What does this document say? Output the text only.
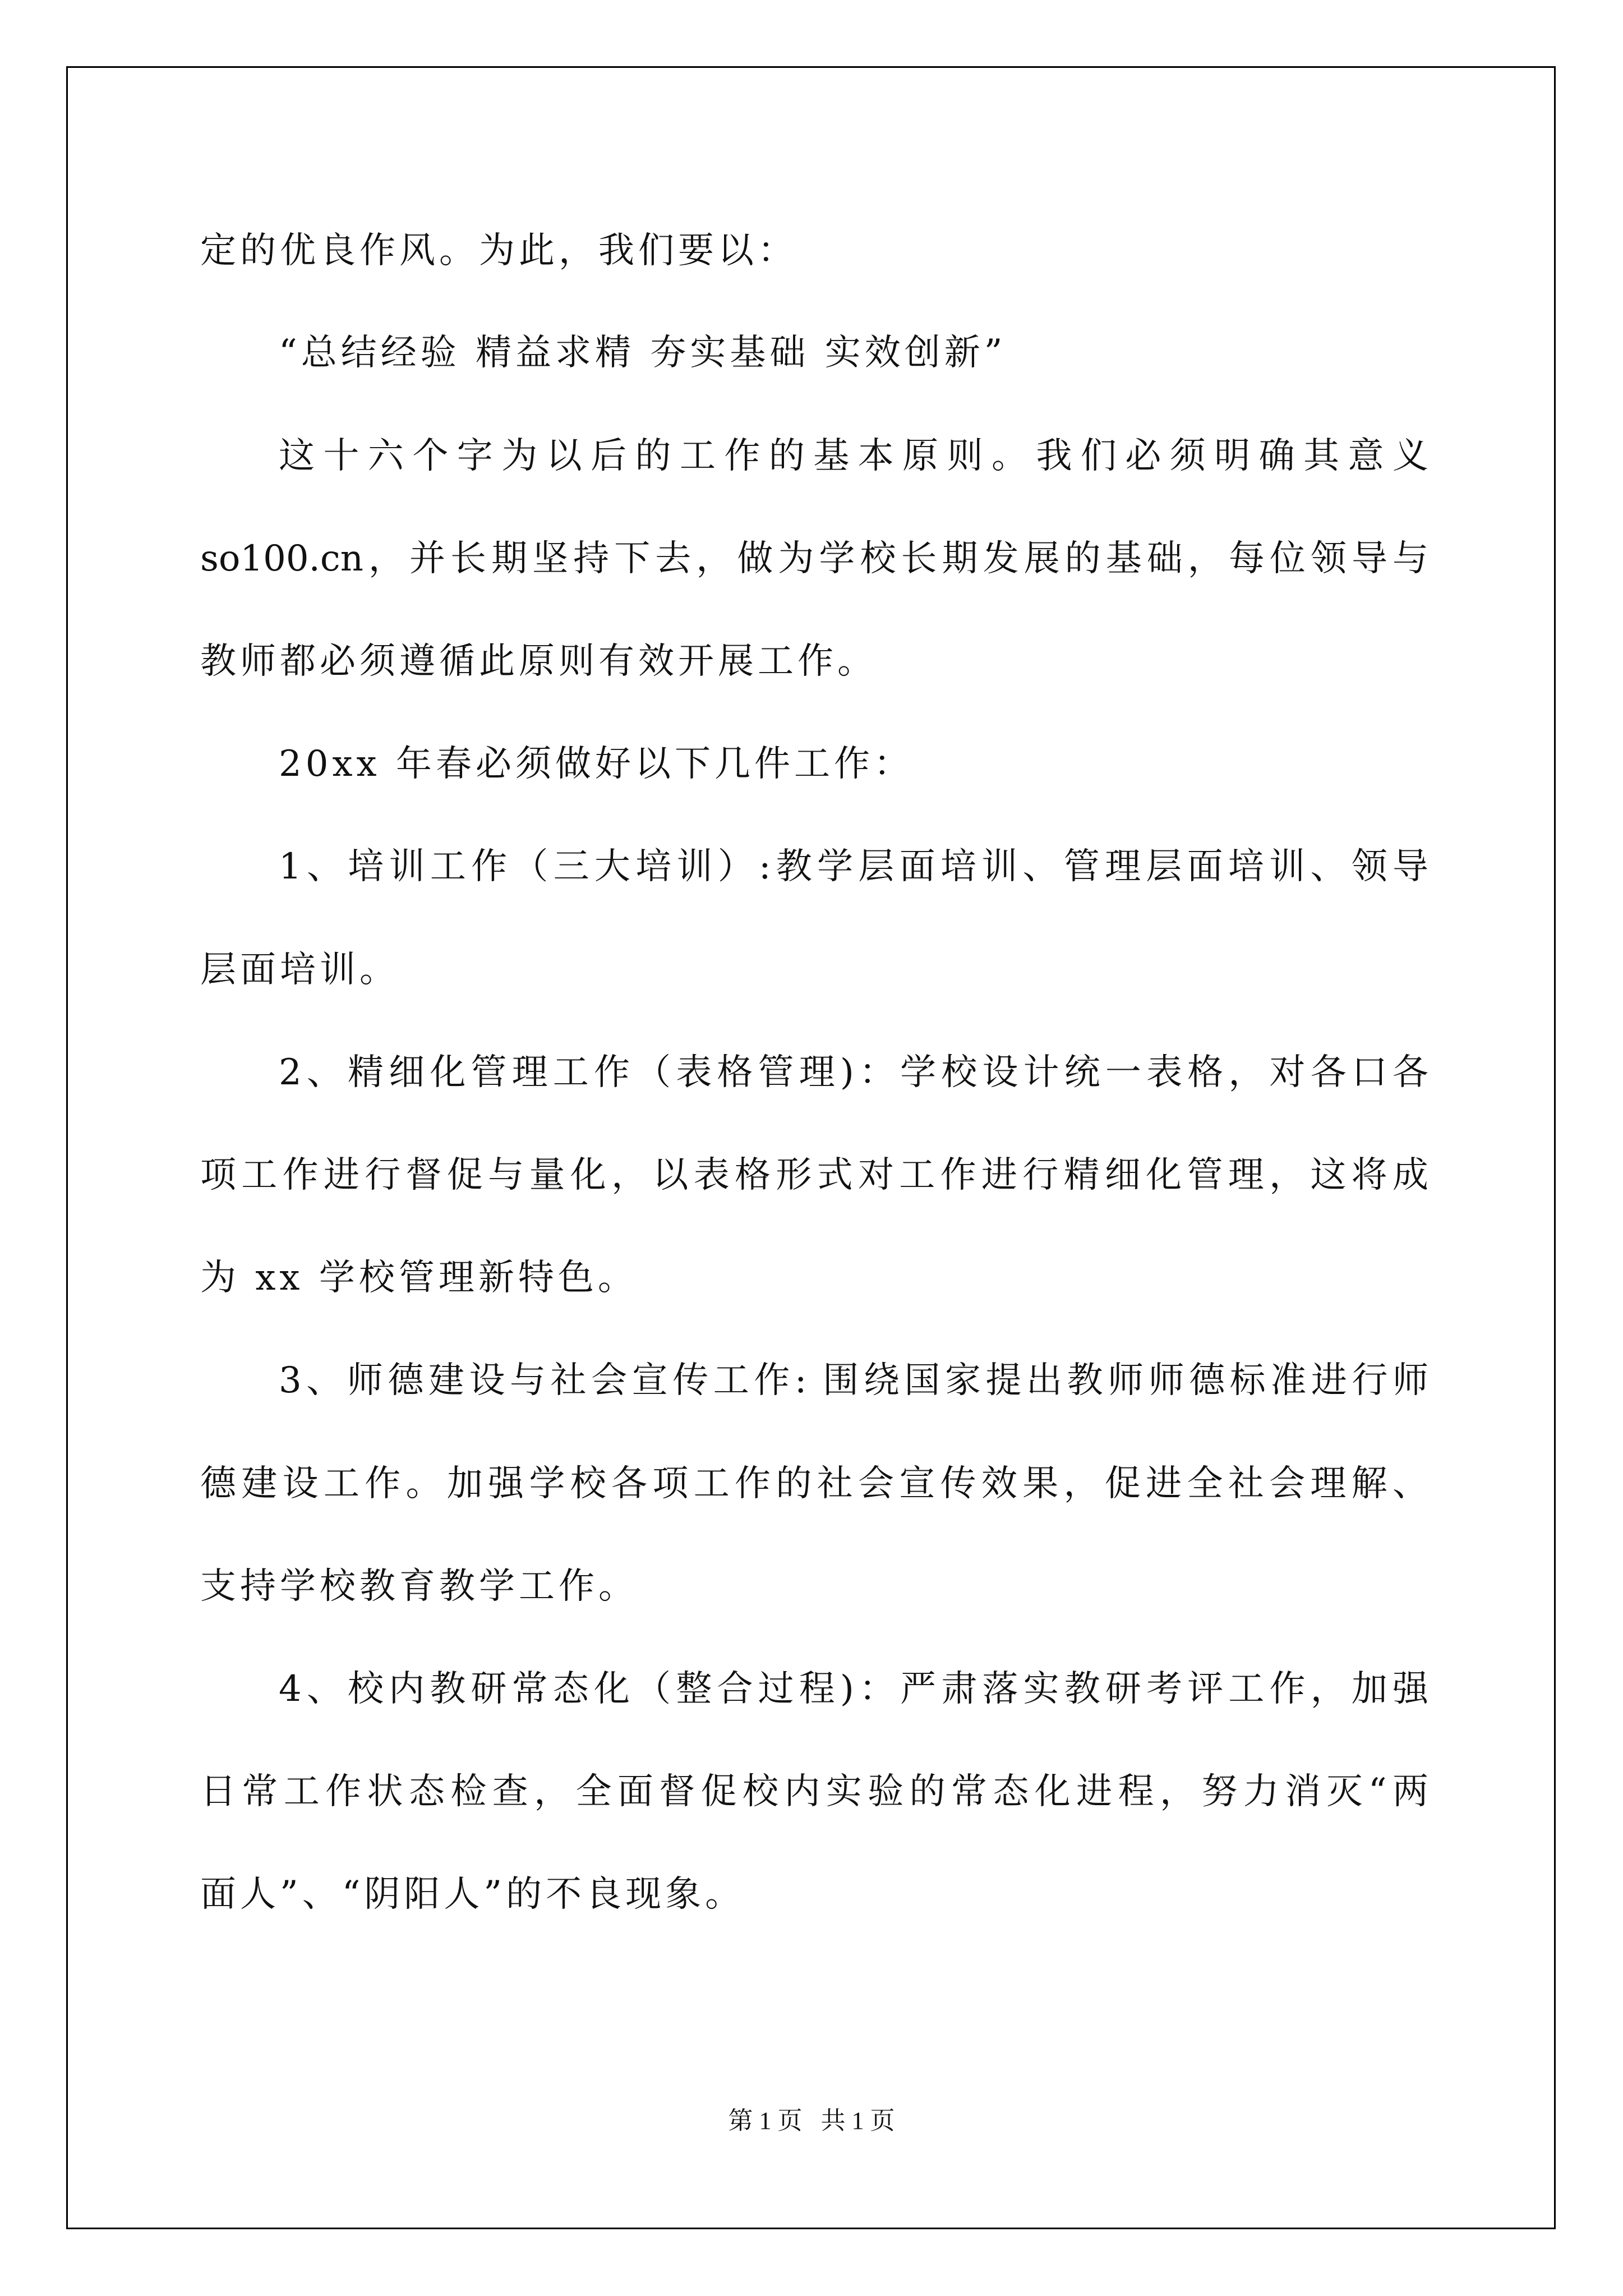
定的优良作风。为此，我们要以：

“总结经验 精益求精 夯实基础 实效创新”

这十六个字为以后的工作的基本原则。我们必须明确其意义

so100.cn，并长期坚持下去，做为学校长期发展的基础，每位领导与

教师都必须遵循此原则有效开展工作。

20xx 年春必须做好以下几件工作：

1、培训工作（三大培训）:教学层面培训、管理层面培训、领导

层面培训。

2、精细化管理工作（表格管理)：学校设计统一表格，对各口各

项工作进行督促与量化，以表格形式对工作进行精细化管理，这将成

为 xx 学校管理新特色。

3、师德建设与社会宣传工作: 围绕国家提出教师师德标准进行师

德建设工作。加强学校各项工作的社会宣传效果，促进全社会理解、

支持学校教育教学工作。

4、校内教研常态化（整合过程)：严肃落实教研考评工作，加强

日常工作状态检查，全面督促校内实验的常态化进程，努力消灭“两

面人”、“阴阳人”的不良现象。

第 1 页   共 1 页
